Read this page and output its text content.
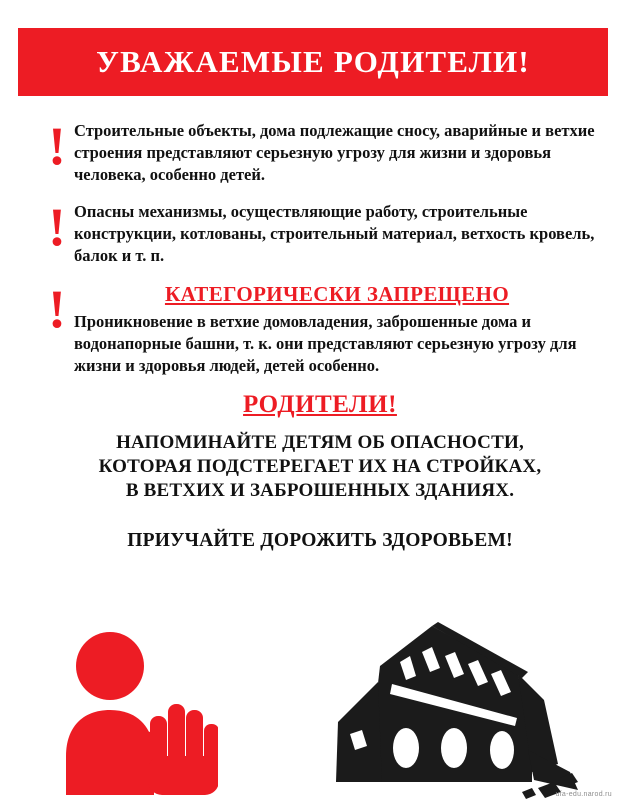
УВАЖАЕМЫЕ РОДИТЕЛИ!
! Строительные объекты, дома подлежащие сносу, аварийные и ветхие строения представляют серьезную угрозу для жизни и здоровья человека, особенно детей.
! Опасны механизмы, осуществляющие работу, строительные конструкции, котлованы, строительный материал, ветхость кровель, балок и т. п.
!	КАТЕГОРИЧЕСКИ ЗАПРЕЩЕНО
Проникновение в ветхие домовладения, заброшенные дома и водонапорные башни, т. к. они представляют серьезную угрозу для жизни и здоровья людей, детей особенно.
РОДИТЕЛИ!
НАПОМИНАЙТЕ ДЕТЯМ ОБ ОПАСНОСТИ,
КОТОРАЯ ПОДСТЕРЕГАЕТ ИХ НА СТРОЙКАХ,
В ВЕТХИХ И ЗАБРОШЕННЫХ ЗДАНИЯХ.
ПРИУЧАЙТЕ ДОРОЖИТЬ ЗДОРОВЬЕМ!
ufa-edu.narod.ru
